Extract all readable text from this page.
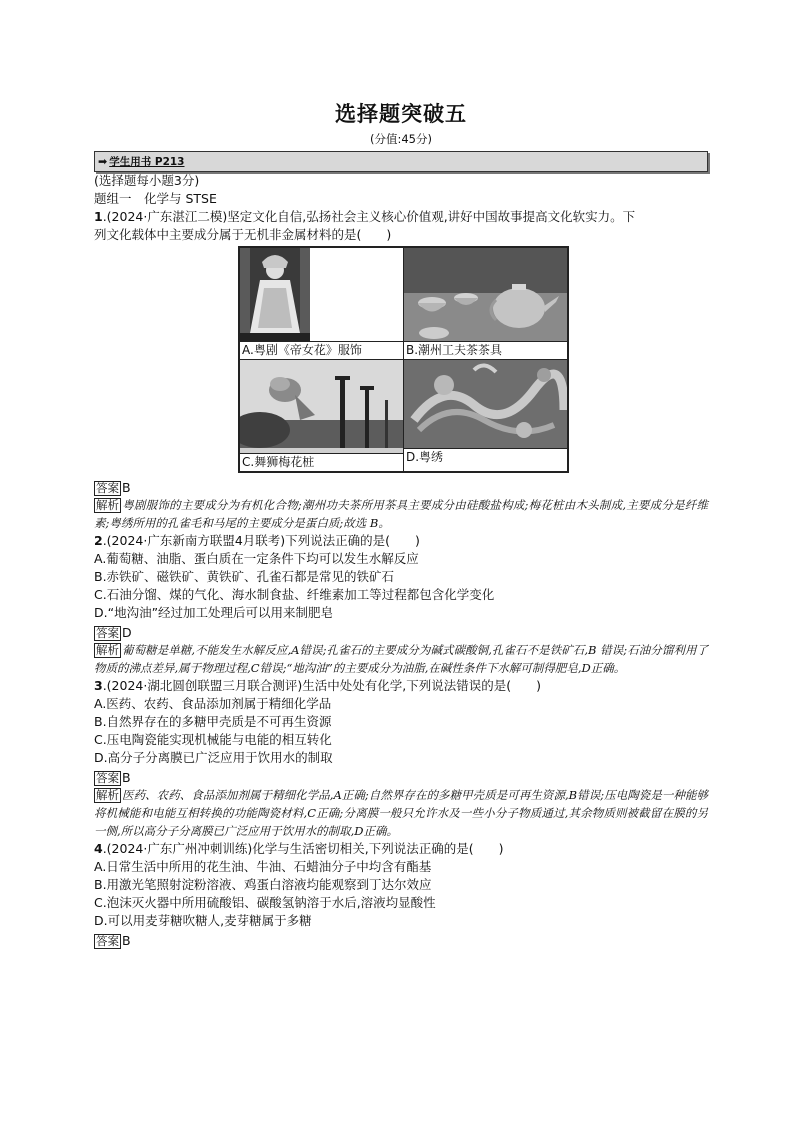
选择题突破五
(分值:45分)
➡ 学生用书 P213
(选择题每小题3分)
题组一　化学与 STSE
1.(2024·广东湛江二模)坚定文化自信,弘扬社会主义核心价值观,讲好中国故事提高文化软实力。下
列文化载体中主要成分属于无机非金属材料的是(　　)
A.粤剧《帝女花》服饰	B.潮州工夫茶茶具

C.舞狮梅花桩	D.粤绣
答案 B
解析 粤剧服饰的主要成分为有机化合物;潮州功夫茶所用茶具主要成分由硅酸盐构成;梅花桩由木头制成,主要成分是纤维素;粤绣所用的孔雀毛和马尾的主要成分是蛋白质;故选 B。
2.(2024·广东新南方联盟4月联考)下列说法正确的是(　　)
A.葡萄糖、油脂、蛋白质在一定条件下均可以发生水解反应
B.赤铁矿、磁铁矿、黄铁矿、孔雀石都是常见的铁矿石
C.石油分馏、煤的气化、海水制食盐、纤维素加工等过程都包含化学变化
D.“地沟油”经过加工处理后可以用来制肥皂
答案 D
解析 葡萄糖是单糖,不能发生水解反应,A错误;孔雀石的主要成分为碱式碳酸铜,孔雀石不是铁矿石,B 错误;石油分馏利用了物质的沸点差异,属于物理过程,C错误;“地沟油”的主要成分为油脂,在碱性条件下水解可制得肥皂,D正确。
3.(2024·湖北圆创联盟三月联合测评)生活中处处有化学,下列说法错误的是(　　)
A.医药、农药、食品添加剂属于精细化学品
B.自然界存在的多糖甲壳质是不可再生资源
C.压电陶瓷能实现机械能与电能的相互转化
D.高分子分离膜已广泛应用于饮用水的制取
答案 B
解析 医药、农药、食品添加剂属于精细化学品,A正确;自然界存在的多糖甲壳质是可再生资源,B错误;压电陶瓷是一种能够将机械能和电能互相转换的功能陶瓷材料,C正确;分离膜一般只允许水及一些小分子物质通过,其余物质则被截留在膜的另一侧,所以高分子分离膜已广泛应用于饮用水的制取,D正确。
4.(2024·广东广州冲刺训练)化学与生活密切相关,下列说法正确的是(　　)
A.日常生活中所用的花生油、牛油、石蜡油分子中均含有酯基
B.用激光笔照射淀粉溶液、鸡蛋白溶液均能观察到丁达尔效应
C.泡沫灭火器中所用硫酸铝、碳酸氢钠溶于水后,溶液均显酸性
D.可以用麦芽糖吹糖人,麦芽糖属于多糖
答案 B
